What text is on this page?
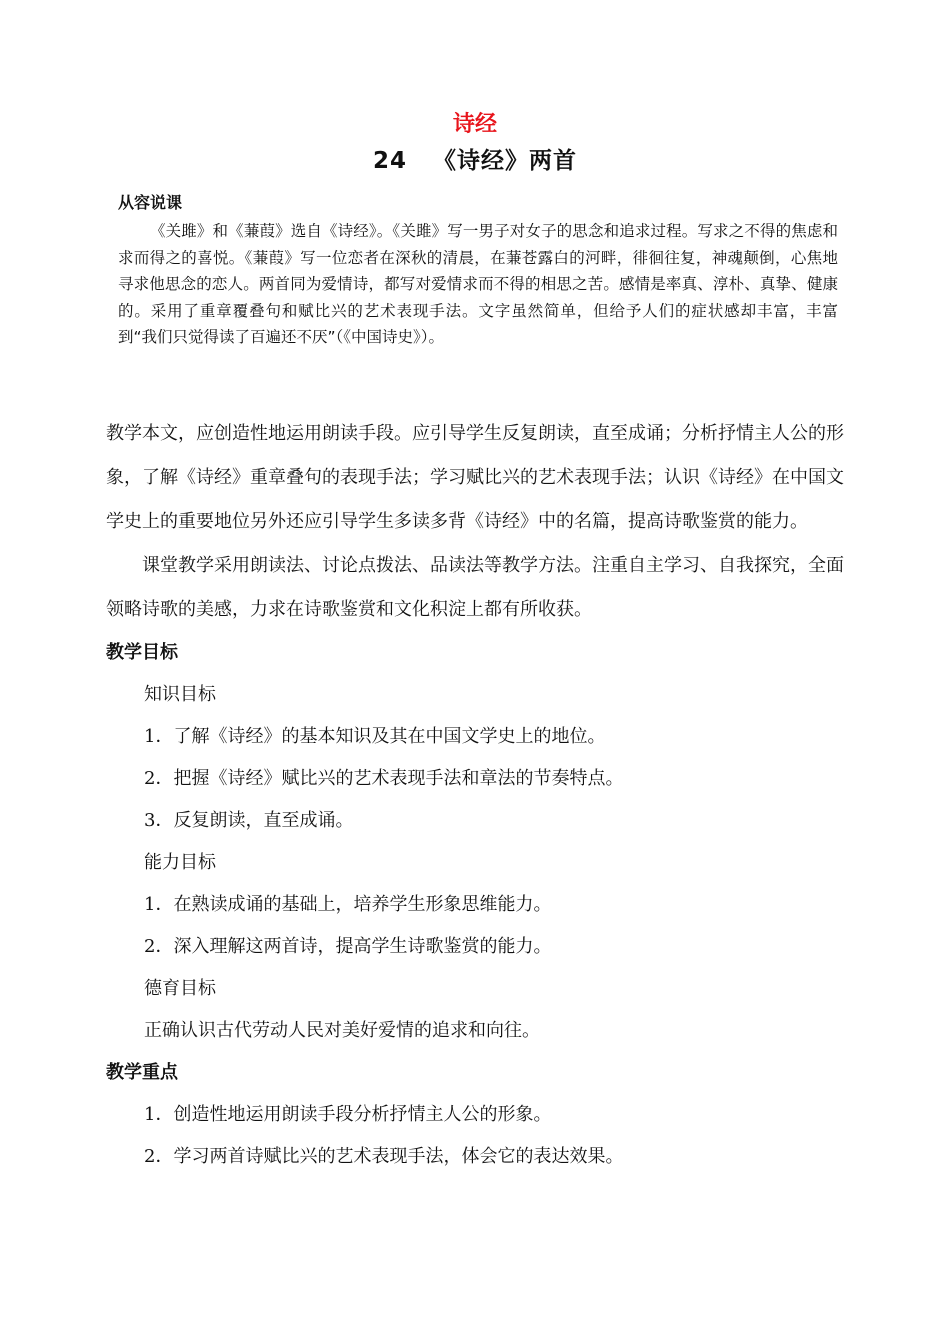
诗经
24 《诗经》两首
从容说课

《关雎》和《蒹葭》选自《诗经》。《关雎》写一男子对女子的思念和追求过程。写求之不得的焦虑和求而得之的喜悦。《蒹葭》写一位恋者在深秋的清晨，在蒹苍露白的河畔，徘徊往复，神魂颠倒，心焦地寻求他思念的恋人。两首同为爱情诗，都写对爱情求而不得的相思之苦。感情是率真、淳朴、真挚、健康的。采用了重章覆叠句和赋比兴的艺术表现手法。文字虽然简单，但给予人们的症状感却丰富，丰富到“我们只觉得读了百遍还不厌”（《中国诗史》）。

教学本文，应创造性地运用朗读手段。应引导学生反复朗读，直至成诵；分析抒情主人公的形象，了解《诗经》重章叠句的表现手法；学习赋比兴的艺术表现手法；认识《诗经》在中国文学史上的重要地位另外还应引导学生多读多背《诗经》中的名篇，提高诗歌鉴赏的能力。

课堂教学采用朗读法、讨论点拨法、品读法等教学方法。注重自主学习、自我探究，全面领略诗歌的美感，力求在诗歌鉴赏和文化积淀上都有所收获。

教学目标

知识目标

1．了解《诗经》的基本知识及其在中国文学史上的地位。

2．把握《诗经》赋比兴的艺术表现手法和章法的节奏特点。

3．反复朗读，直至成诵。

能力目标

1．在熟读成诵的基础上，培养学生形象思维能力。

2．深入理解这两首诗，提高学生诗歌鉴赏的能力。

德育目标

正确认识古代劳动人民对美好爱情的追求和向往。

教学重点

1．创造性地运用朗读手段分析抒情主人公的形象。

2．学习两首诗赋比兴的艺术表现手法，体会它的表达效果。
